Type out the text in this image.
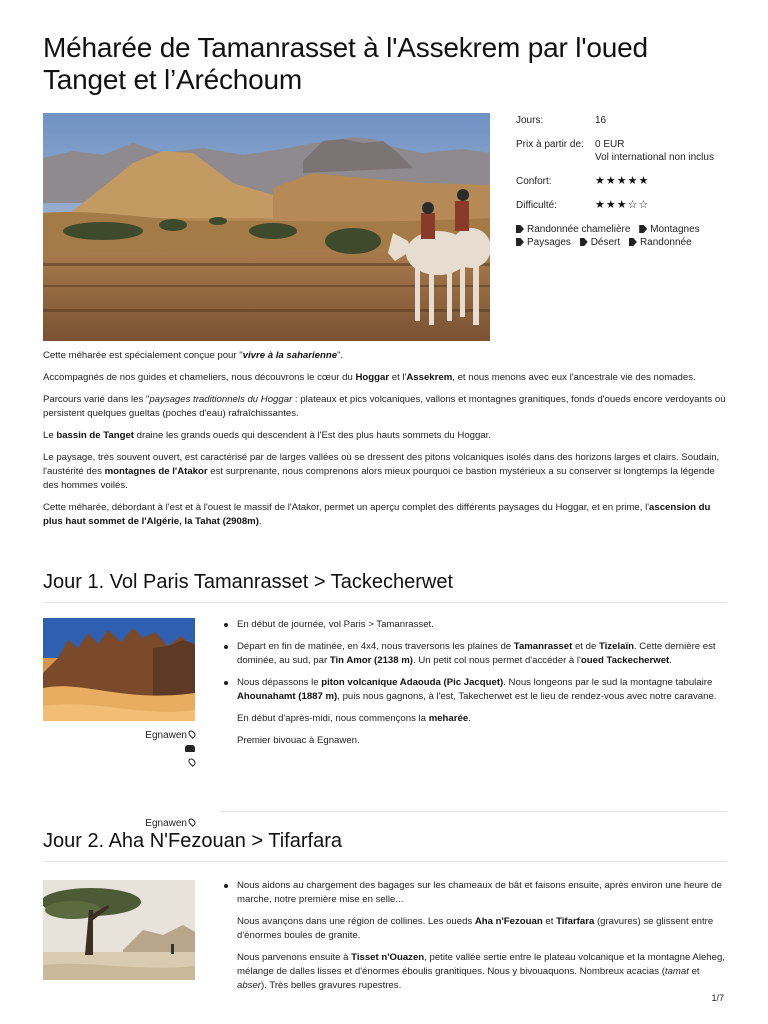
Méharée de Tamanrasset à l'Assekrem par l'oued Tanget et l’Aréchoum
Jours:	16
Prix à partir de:	0 EUR
Vol international non inclus
Confort:	★★★★★
Difficulté:	★★★☆☆
Randonnée chamelière Montagnes Paysages Désert Randonnée

Cette méharée est spécialement conçue pour "vivre à la saharienne".

Accompagnés de nos guides et chameliers, nous découvrons le cœur du Hoggar et l'Assekrem, et nous menons avec eux l'ancestrale vie des nomades.

Parcours varié dans les "paysages traditionnels du Hoggar : plateaux et pics volcaniques, vallons et montagnes granitiques, fonds d'oueds encore verdoyants où persistent quelques gueltas (poches d'eau) rafraîchissantes.

Le bassin de Tanget draine les grands oueds qui descendent à l'Est des plus hauts sommets du Hoggar.

Le paysage, très souvent ouvert, est caractérisé par de larges vallées où se dressent des pitons volcaniques isolés dans des horizons larges et clairs. Soudain, l'austérité des montagnes de l'Atakor est surprenante, nous comprenons alors mieux pourquoi ce bastion mystérieux a su conserver si longtemps la légende des hommes voilés.

Cette méharée, débordant à l'est et à l'ouest le massif de l'Atakor, permet un aperçu complet des différents paysages du Hoggar, et en prime, l'ascension du plus haut sommet de l'Algérie, la Tahat (2908m).

Jour 1. Vol Paris Tamanrasset > Tackecherwet
En début de journée, vol Paris > Tamanrasset.
Départ en fin de matinée, en 4x4, nous traversons les plaines de Tamanrasset et de Tizelaïn. Cette dernière est dominée, au sud, par Tin Amor (2138 m). Un petit col nous permet d'accéder à l'oued Tackecherwet.
Nous dépassons le piton volcanique Adaouda (Pic Jacquet). Nous longeons par le sud la montagne tabulaire Ahounahamt (1887 m), puis nous gagnons, à l'est, Takecherwet est le lieu de rendez-vous avec notre caravane.
En début d'après-midi, nous commençons la meharée.
Premier bivouac à Egnawen.
Egnawen
Egnawen
Jour 2. Aha N'Fezouan > Tifarfara
Nous aidons au chargement des bagages sur les chameaux de bât et faisons ensuite, après environ une heure de marche, notre première mise en selle...
Nous avançons dans une région de collines. Les oueds Aha n'Fezouan et Tifarfara (gravures) se glissent entre d'énormes boules de granite.
Nous parvenons ensuite à Tisset n'Ouazen, petite vallée sertie entre le plateau volcanique et la montagne Aleheg, mélange de dalles lisses et d'énormes éboulis granitiques. Nous y bivouaquons. Nombreux acacias (tamat et abser). Très belles gravures rupestres.
1/7
